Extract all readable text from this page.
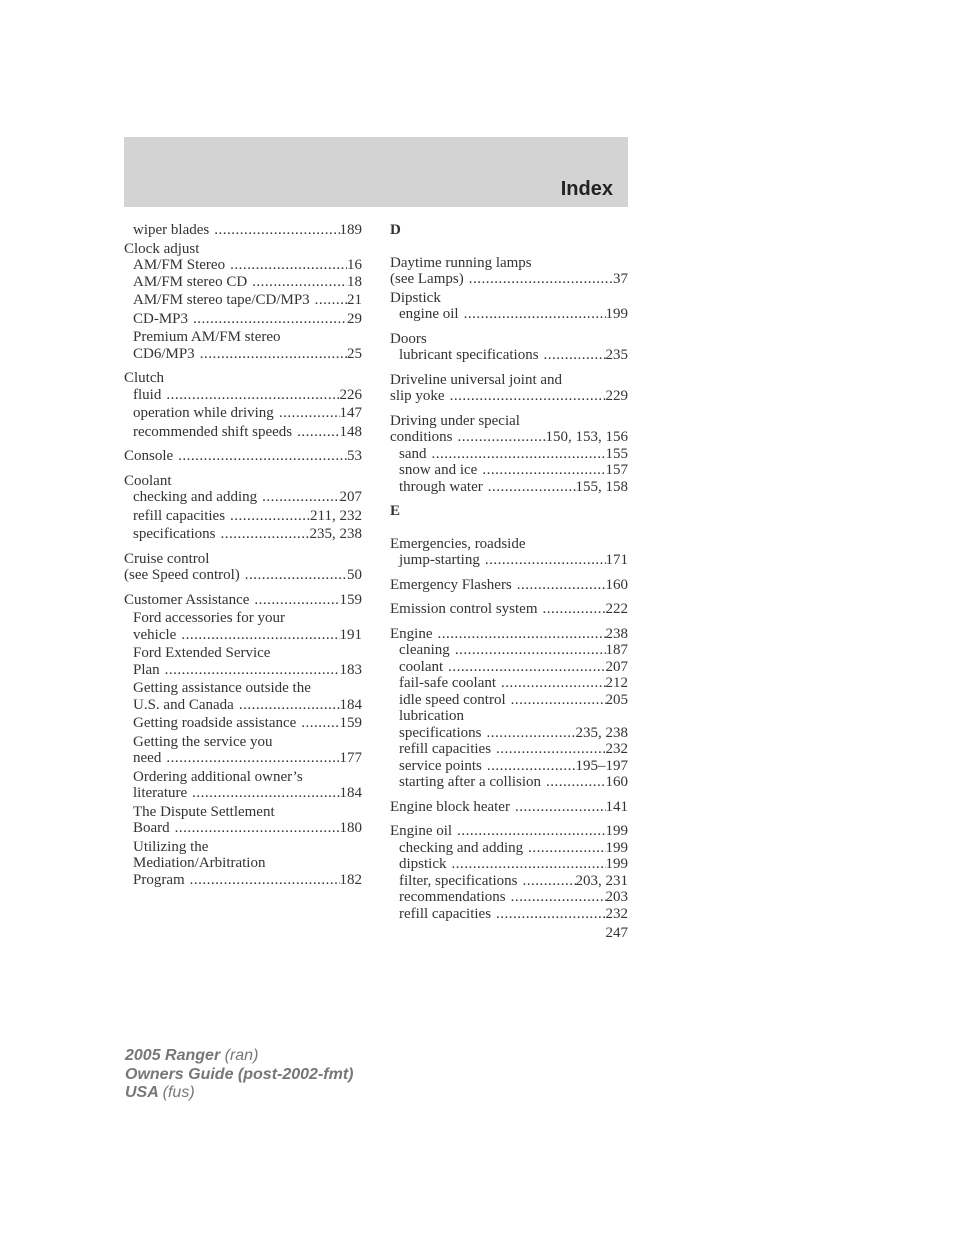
Index
wiper blades .....	189
Clock adjust
AM/FM Stereo .....	16
AM/FM stereo CD .....	18
AM/FM stereo tape/CD/MP3 .....	21
CD-MP3 .....	29
Premium AM/FM stereo
CD6/MP3 .....	25
Clutch
fluid .....	226
operation while driving .....	147
recommended shift speeds .....	148
Console .....	53
Coolant
checking and adding .....	207
refill capacities .....	211, 232
specifications .....	235, 238
Cruise control
(see Speed control) .....	50
Customer Assistance .....	159
Ford accessories for your
vehicle .....	191
Ford Extended Service
Plan .....	183
Getting assistance outside the
U.S. and Canada .....	184
Getting roadside assistance .....	159
Getting the service you
need .....	177
Ordering additional owner’s
literature .....	184
The Dispute Settlement
Board .....	180
Utilizing the
Mediation/Arbitration
Program .....	182
D
Daytime running lamps
(see Lamps) .....	37
Dipstick
engine oil .....	199
Doors
lubricant specifications .....	235
Driveline universal joint and
slip yoke .....	229
Driving under special
conditions .....	150, 153, 156
sand .....	155
snow and ice .....	157
through water .....	155, 158
E
Emergencies, roadside
jump-starting .....	171
Emergency Flashers .....	160
Emission control system .....	222
Engine .....	238
cleaning .....	187
coolant .....	207
fail-safe coolant .....	212
idle speed control .....	205
lubrication
specifications .....	235, 238
refill capacities .....	232
service points .....	195–197
starting after a collision .....	160
Engine block heater .....	141
Engine oil .....	199
checking and adding .....	199
dipstick .....	199
filter, specifications .....	203, 231
recommendations .....	203
refill capacities .....	232
247
2005 Ranger (ran)
Owners Guide (post-2002-fmt)
USA (fus)
